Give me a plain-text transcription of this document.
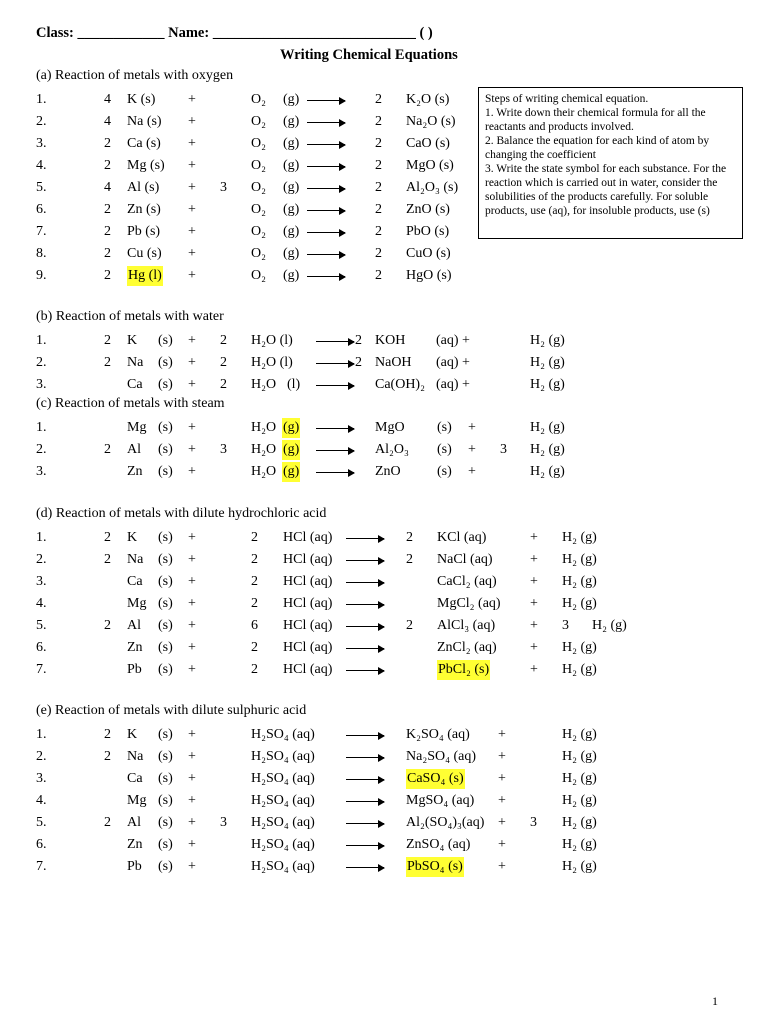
Class: ____________ Name: ____________________________ ( )
Writing Chemical Equations
(a) Reaction of metals with oxygen
(b) Reaction of metals with water
(c) Reaction of metals with steam
(d) Reaction of metals with dilute hydrochloric acid
(e) Reaction of metals with dilute sulphuric acid
Steps of writing chemical equation.
1. Write down their chemical formula for all the reactants and products involved.
2. Balance the equation for each kind of atom by changing the coefficient
3. Write the state symbol for each substance. For the reaction which is carried out in water, consider the solubilities of the products carefully. For soluble products, use (aq), for insoluble products, use (s)
1.	4 K (s) +	O₂ (g) → 2 K₂O (s)
2.	4 Na (s) +	O₂ (g) → 2 Na₂O (s)
3.	2 Ca (s) +	O₂ (g) → 2 CaO (s)
4.	2 Mg (s) +	O₂ (g) → 2 MgO (s)
5.	4 Al (s) + 3 O₂ (g) → 2 Al₂O₃ (s)
6.	2 Zn (s) +	O₂ (g) → 2 ZnO (s)
7.	2 Pb (s) +	O₂ (g) → 2 PbO (s)
8.	2 Cu (s) +	O₂ (g) → 2 CuO (s)
9.	2 Hg (l) +	O₂ (g) → 2 HgO (s)
1.	2 K (s) + 2 H₂O (l) → 2 KOH (aq) +	H₂ (g)
2.	2 Na (s) + 2 H₂O (l) → 2 NaOH (aq) +	H₂ (g)
3.	Ca (s) + 2 H₂O (l) → Ca(OH)₂ (aq) +	H₂ (g)
1.	Mg (s) +	H₂O (g) → MgO (s) +	H₂ (g)
2.	2 Al (s) + 3 H₂O (g) → Al₂O₃ (s) + 3 H₂ (g)
3.	Zn (s) +	H₂O (g) → ZnO	(s) +	H₂ (g)
1.	2 K (s) +	2 HCl (aq) → 2 KCl (aq)	+ H₂ (g)
2.	2 Na (s) +	2 HCl (aq) → 2 NaCl (aq)	+ H₂ (g)
3.	Ca (s) +	2 HCl (aq) →	CaCl₂ (aq) + H₂ (g)
4.	Mg (s) +	2 HCl (aq) →	MgCl₂ (aq) + H₂ (g)
5.	2 Al (s) +	6 HCl (aq) → 2 AlCl₃ (aq) + 3 H₂ (g)
6.	Zn (s) +	2 HCl (aq) →	ZnCl₂ (aq) + H₂ (g)
7.	Pb (s) +	2 HCl (aq) →	PbCl₂ (s)	+ H₂ (g)
1.	2 K (s) +	H₂SO₄ (aq)	K₂SO₄ (aq) +	H₂ (g)
2.	2 Na (s) +	H₂SO₄ (aq)	Na₂SO₄ (aq) +	H₂ (g)
3.	Ca (s) +	H₂SO₄ (aq)	CaSO₄ (s) +	H₂ (g)
4.	Mg (s) +	H₂SO₄ (aq)	MgSO₄ (aq) +	H₂ (g)
5.	2 Al (s) + 3 H₂SO₄ (aq)	Al₂(SO₄)₃(aq) + 3 H₂ (g)
6.	Zn (s) +	H₂SO₄ (aq)	ZnSO₄ (aq) +	H₂ (g)
7.	Pb (s) +	H₂SO₄ (aq)	PbSO₄ (s)	+	H₂ (g)
1
